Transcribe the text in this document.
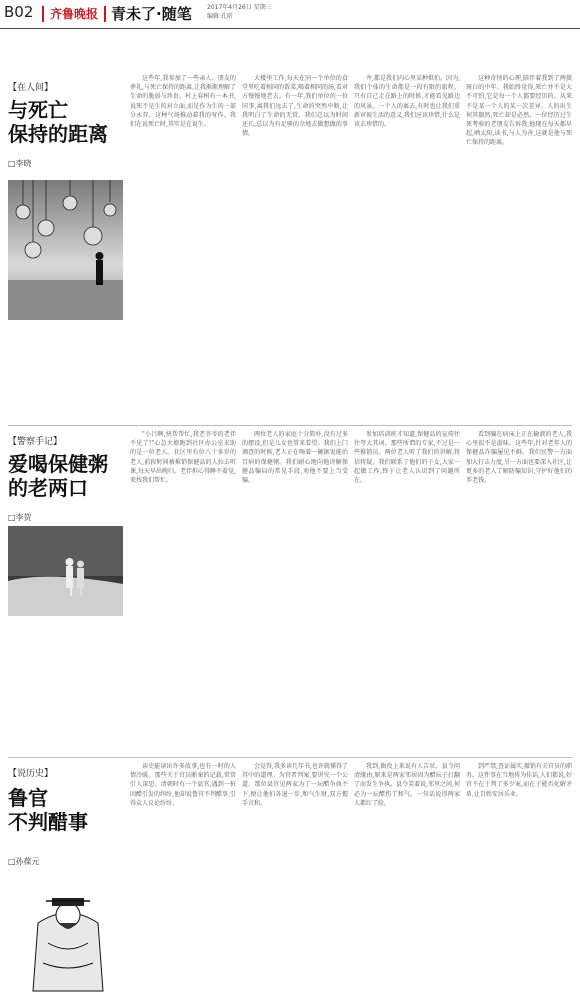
B02 齐鲁晚报 青未了·随笔	2017年4月26日 星期三
编辑:孔昕
【在人间】
与死亡
保持的距离
□李晓

这些年,我参加了一些亲人、朋友的葬礼,与死亡保持的距离,让我渐渐理解了生命的脆弱与珍贵。村上春树有一本书,说死不是生的对立面,而是作为生的一部分永存。这种气场推动着我的写作。我们在说死亡时,其实是在说生。

大楼里工作,每天在同一个单位的食堂里吃着相同的饭菜,喝着相同的汤,看对方慢慢地老去。有一年,我们单位的一位同事,离我们远去了,生命的突然中断,让我明白了生命的无常。我们总以为时间还长,总以为有足够的余地去做想做的事情。

井,都是我们内心里某种惧怕。因为,我们个体的生命都是一段有限的旅程。只有自己走在路上的时候,才能看见路边的风景。一个人的离去,有时也让我们重新审视生活的意义,我们应该珍惜,什么是该去珍惜的。

这种奇怪的心理,陪伴着我到了两鬓斑白的中年。我始终觉得,死亡并不是大不可怕,它是每一个人都要经历的。从来不是某一个人的某一次差异。人的出生何其偶然,死亡却是必然。一位经历过生死考验的老朋友告诉我,他现在每天都早起,晒太阳,读书,与人为善,这就是他与死亡保持的距离。

【警察手记】
爱喝保健粥
的老两口
□李贺

"小吕啊,快帮帮忙,我老爷爷的老伴不见了!"心急火燎跑到社区办公室求助的是一位老人。社区里有位八十多岁的老人,前段时间被推销保健品的人拉去听课,每天早出晚归。老伴担心得睡不着觉,来找我们帮忙。

两位老人的家庭十分简朴,没有过多的摆设,但是儿女也常来看望。我们上门调查的时候,老人正在喝着一碗据说能治百病的保健粥。我们耐心地向他讲解保健品骗局的常见手段,劝他不要上当受骗。

参加培训班才知道,保健品的宣传往往夸大其词。那些所谓的专家,不过是一些推销员。两位老人听了我们的讲解,将信将疑。我们联系了他们的子女,大家一起做工作,终于让老人认识到了问题所在。

看到骗在病床上正在输液的老人,我心里很不是滋味。这些年,针对老年人的保健品诈骗屡见不鲜。我们民警一方面加大打击力度,另一方面也要深入社区,让更多的老人了解防骗知识,守护好他们的养老钱。

【说历史】
鲁官
不判醋事
□孙葆元

读史能读出许多故事,也有一时的人情冷暖。那些关于官员断案的记载,常常引人深思。清朝时有一个县官,遇到一桩因醋引发的纠纷,他却说鲁官不判醋事,引得众人议论纷纷。

会觉得,我多读几年书,也许就懂得了其中的道理。为官者判案,要讲究一个公道。那位县官见两家为了一坛醋争执不下,便让他们各退一步,和气生财,双方握手言和。

我到,衙役上来说有人告状。县令问清缘由,原来是两家邻居因为醋坛子打翻了而发生争执。县令笑着说,邻里之间,何必为一坛醋伤了和气。一句话说得两家人都红了脸。

到严禁,查证属实,撤销有关官员的职务。这件事在当地传为佳话,人们都说,好官不在于判了多少案,而在于能否化解矛盾,让百姓安居乐业。
